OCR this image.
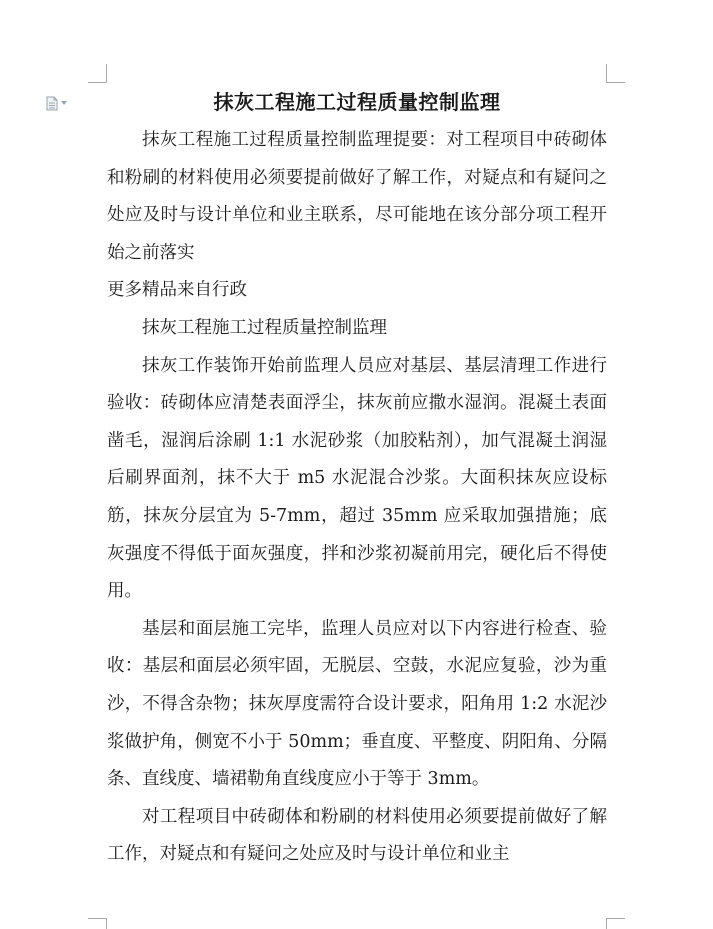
抹灰工程施工过程质量控制监理

抹灰工程施工过程质量控制监理提要：对工程项目中砖砌体和粉刷的材料使用必须要提前做好了解工作，对疑点和有疑问之处应及时与设计单位和业主联系，尽可能地在该分部分项工程开始之前落实

更多精品来自行政

抹灰工程施工过程质量控制监理

抹灰工作装饰开始前监理人员应对基层、基层清理工作进行验收：砖砌体应清楚表面浮尘，抹灰前应撒水湿润。混凝土表面凿毛，湿润后涂刷 1:1 水泥砂浆（加胶粘剂），加气混凝土润湿后刷界面剂，抹不大于 m5 水泥混合沙浆。大面积抹灰应设标筋，抹灰分层宜为 5-7mm，超过 35mm 应采取加强措施；底灰强度不得低于面灰强度，拌和沙浆初凝前用完，硬化后不得使用。

基层和面层施工完毕，监理人员应对以下内容进行检查、验收：基层和面层必须牢固，无脱层、空鼓，水泥应复验，沙为重沙，不得含杂物；抹灰厚度需符合设计要求，阳角用 1:2 水泥沙浆做护角，侧宽不小于 50mm；垂直度、平整度、阴阳角、分隔条、直线度、墙裙勒角直线度应小于等于 3mm。

对工程项目中砖砌体和粉刷的材料使用必须要提前做好了解工作，对疑点和有疑问之处应及时与设计单位和业主
